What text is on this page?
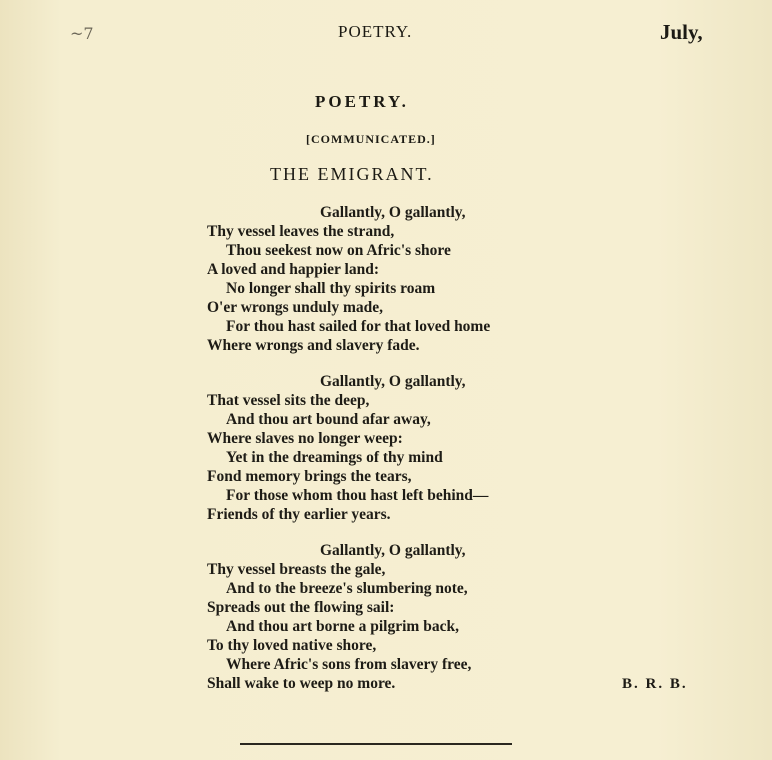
~7	POETRY.	July,
POETRY.
[COMMUNICATED.]
THE EMIGRANT.
Gallantly, O gallantly,
Thy vessel leaves the strand,
Thou seekest now on Afric's shore
A loved and happier land:
No longer shall thy spirits roam
O'er wrongs unduly made,
For thou hast sailed for that loved home
Where wrongs and slavery fade.
Gallantly, O gallantly,
That vessel sits the deep,
And thou art bound afar away,
Where slaves no longer weep:
Yet in the dreamings of thy mind
Fond memory brings the tears,
For those whom thou hast left behind—
Friends of thy earlier years.
Gallantly, O gallantly,
Thy vessel breasts the gale,
And to the breeze's slumbering note,
Spreads out the flowing sail:
And thou art borne a pilgrim back,
To thy loved native shore,
Where Afric's sons from slavery free,
Shall wake to weep no more.	B. R. B.
